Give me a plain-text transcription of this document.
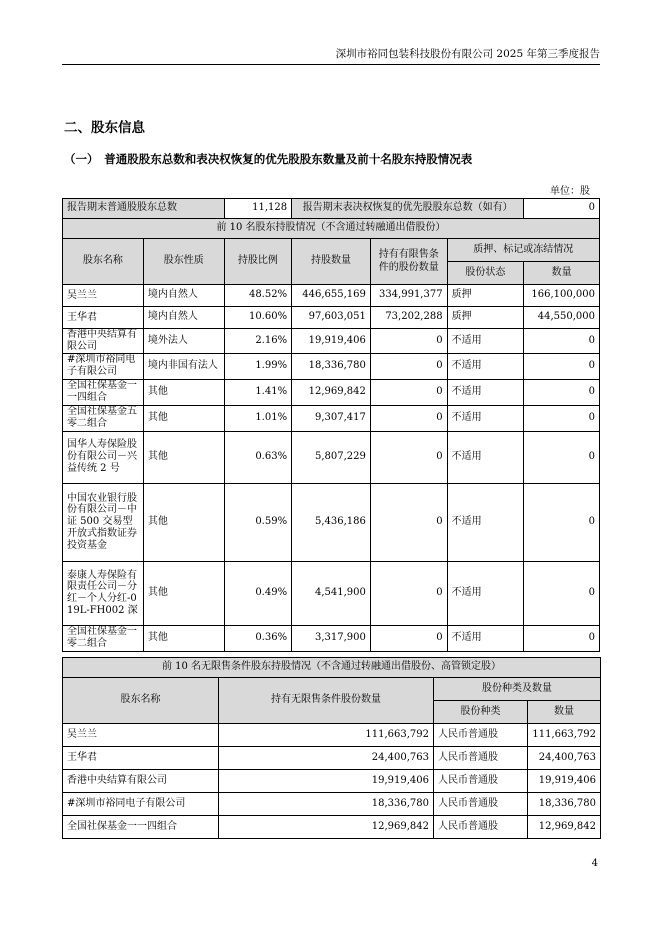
深圳市裕同包装科技股份有限公司 2025 年第三季度报告
二、股东信息
（一）　普通股股东总数和表决权恢复的优先股股东数量及前十名股东持股情况表
单位：股
报告期末普通股股东总数		11,128	报告期末表决权恢复的优先股股东总数（如有）			0
前 10 名股东持股情况（不含通过转融通出借股份）						
股东名称	股东性质	持股比例	持股数量	持有有限售条件的股份数量	质押、标记或冻结情况	
					股份状态	数量
吴兰兰	境内自然人	48.52%	446,655,169	334,991,377	质押	166,100,000
王华君	境内自然人	10.60%	97,603,051	73,202,288	质押	44,550,000
香港中央结算有限公司	境外法人	2.16%	19,919,406	0	不适用	0
#深圳市裕同电子有限公司	境内非国有法人	1.99%	18,336,780	0	不适用	0
全国社保基金一一四组合	其他	1.41%	12,969,842	0	不适用	0
全国社保基金五零二组合	其他	1.01%	9,307,417	0	不适用	0
国华人寿保险股份有限公司－兴益传统 2 号	其他	0.63%	5,807,229	0	不适用	0
中国农业银行股份有限公司－中证 500 交易型开放式指数证券投资基金	其他	0.59%	5,436,186	0	不适用	0
泰康人寿保险有限责任公司－分红－个人分红-019L-FH002 深	其他	0.49%	4,541,900	0	不适用	0
全国社保基金一零二组合	其他	0.36%	3,317,900	0	不适用	0
前 10 名无限售条件股东持股情况（不含通过转融通出借股份、高管锁定股）			
股东名称	持有无限售条件股份数量	股份种类及数量	
		股份种类	数量
吴兰兰	111,663,792	人民币普通股	111,663,792
王华君	24,400,763	人民币普通股	24,400,763
香港中央结算有限公司	19,919,406	人民币普通股	19,919,406
#深圳市裕同电子有限公司	18,336,780	人民币普通股	18,336,780
全国社保基金一一四组合	12,969,842	人民币普通股	12,969,842
4
